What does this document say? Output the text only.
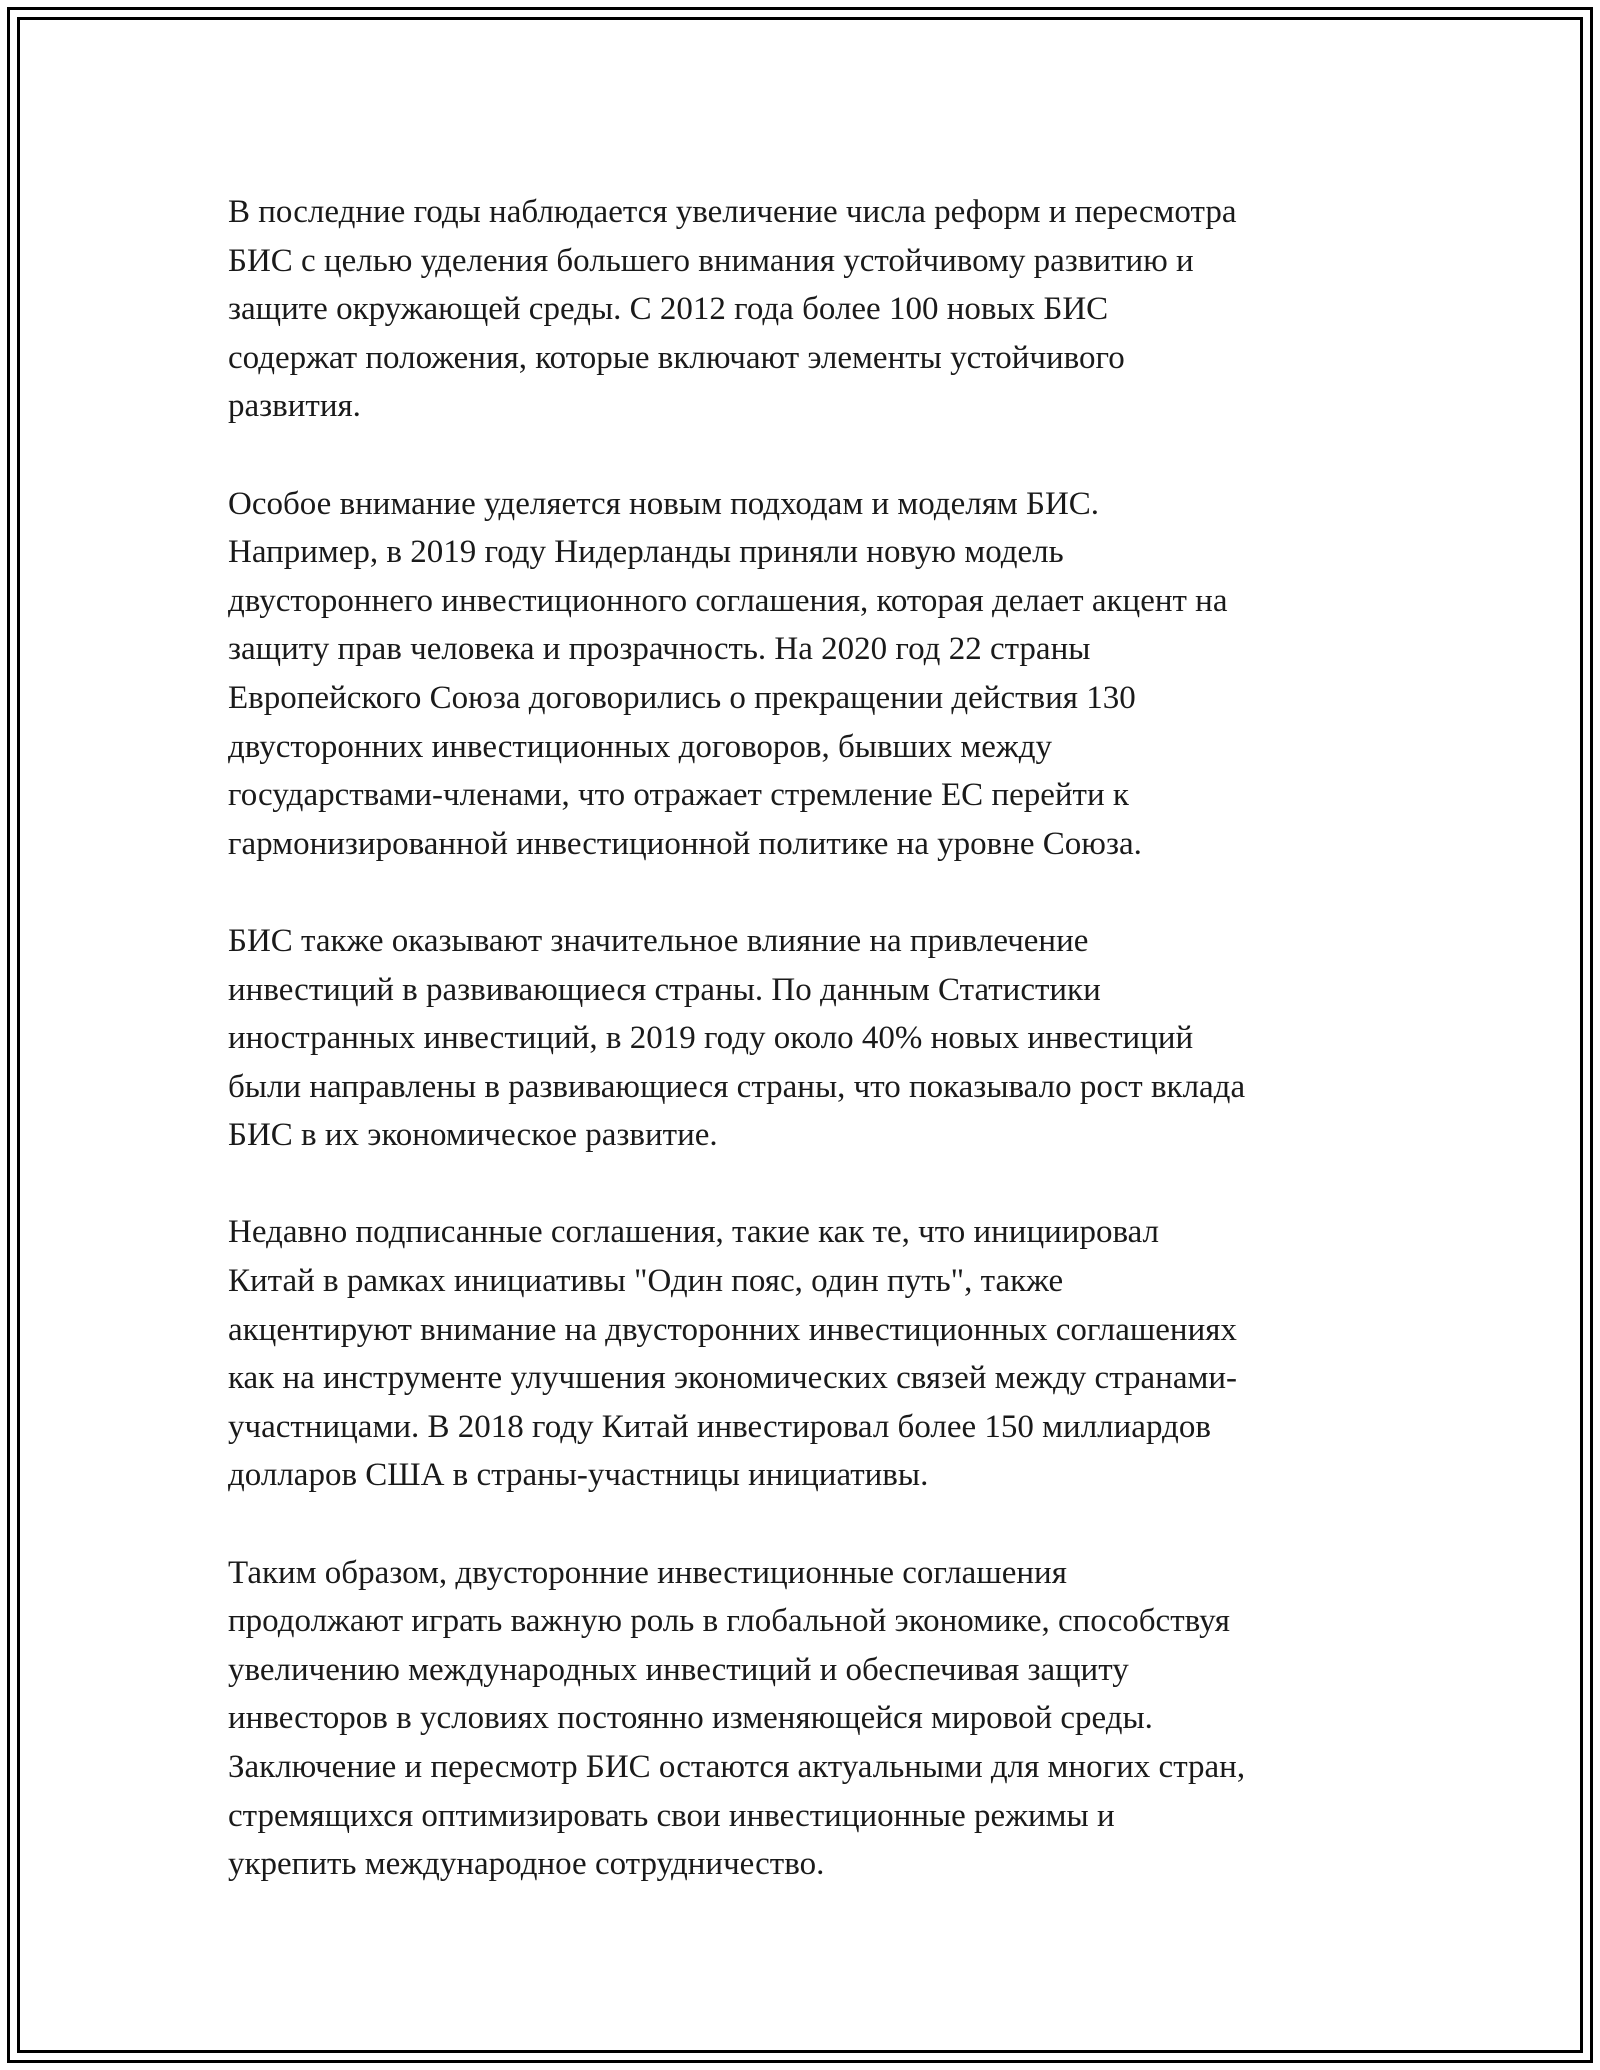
В последние годы наблюдается увеличение числа реформ и пересмотра
БИС с целью уделения большего внимания устойчивому развитию и
защите окружающей среды. С 2012 года более 100 новых БИС
содержат положения, которые включают элементы устойчивого
развития.

Особое внимание уделяется новым подходам и моделям БИС.
Например, в 2019 году Нидерланды приняли новую модель
двустороннего инвестиционного соглашения, которая делает акцент на
защиту прав человека и прозрачность. На 2020 год 22 страны
Европейского Союза договорились о прекращении действия 130
двусторонних инвестиционных договоров, бывших между
государствами-членами, что отражает стремление ЕС перейти к
гармонизированной инвестиционной политике на уровне Союза.

БИС также оказывают значительное влияние на привлечение
инвестиций в развивающиеся страны. По данным Статистики
иностранных инвестиций, в 2019 году около 40% новых инвестиций
были направлены в развивающиеся страны, что показывало рост вклада
БИС в их экономическое развитие.

Недавно подписанные соглашения, такие как те, что инициировал
Китай в рамках инициативы "Один пояс, один путь", также
акцентируют внимание на двусторонних инвестиционных соглашениях
как на инструменте улучшения экономических связей между странами-
участницами. В 2018 году Китай инвестировал более 150 миллиардов
долларов США в страны-участницы инициативы.

Таким образом, двусторонние инвестиционные соглашения
продолжают играть важную роль в глобальной экономике, способствуя
увеличению международных инвестиций и обеспечивая защиту
инвесторов в условиях постоянно изменяющейся мировой среды.
Заключение и пересмотр БИС остаются актуальными для многих стран,
стремящихся оптимизировать свои инвестиционные режимы и
укрепить международное сотрудничество.
